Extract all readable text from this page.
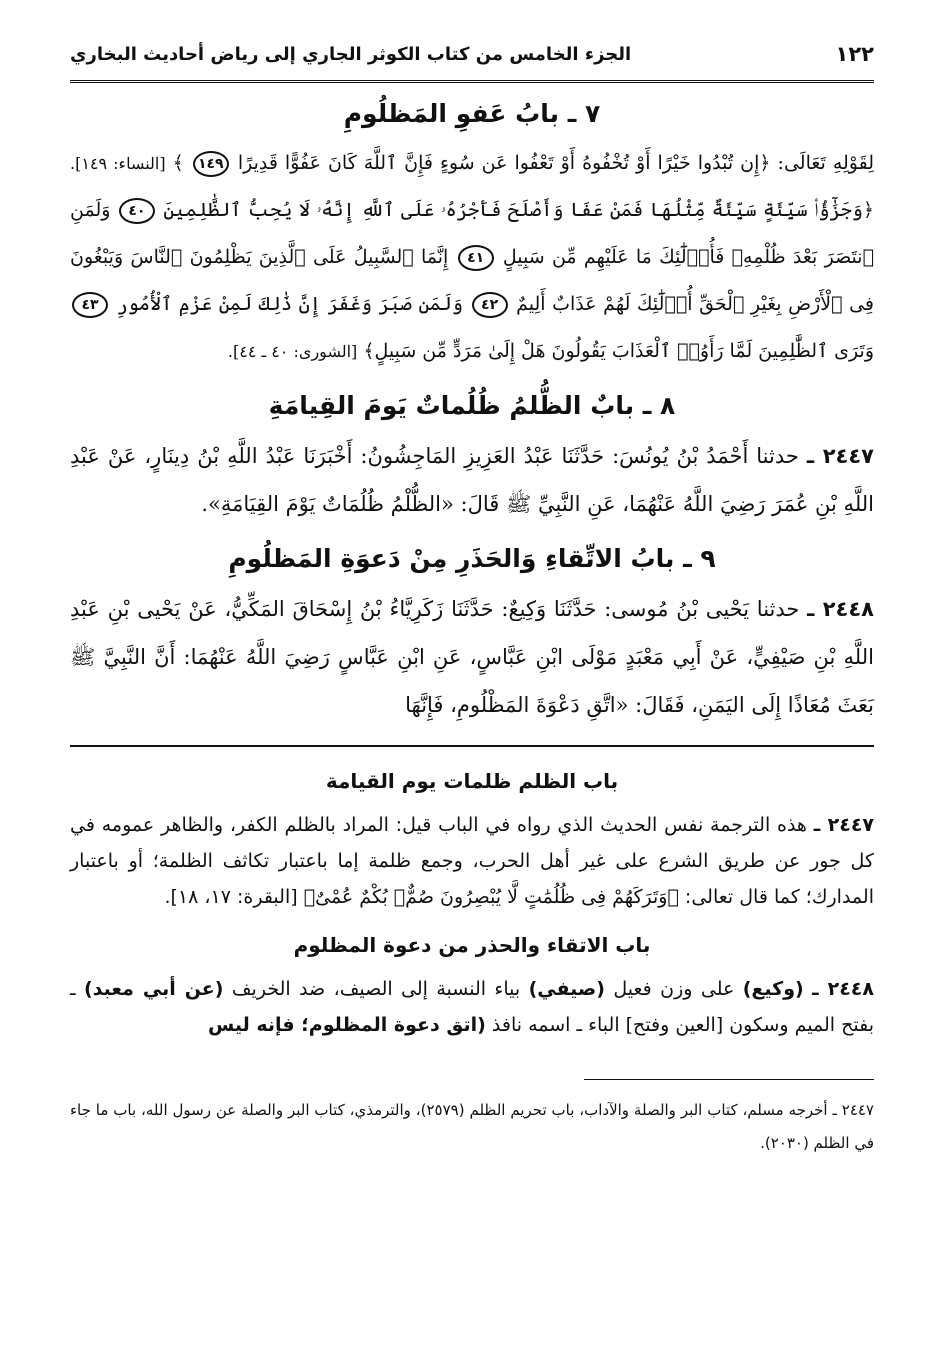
١٢٢
الجزء الخامس من كتاب الكوثر الجاري إلى رياض أحاديث البخاري
٧ ـ بابُ عَفوِ المَظلُومِ

لِقَوْلِهِ تَعَالَى: ﴿إِن تُبْدُوا خَيْرًا أَوْ تُخْفُوهُ أَوْ تَعْفُوا عَن سُوءٍ فَإِنَّ ٱللَّهَ كَانَ عَفُوًّا قَدِيرًا ١٤٩ ﴾ [النساء: ١٤٩]. ﴿وَجَزَٰٓؤُا۟ سَيِّئَةٍ سَيِّئَةٌ مِّثْلُهَا فَمَنْ عَفَا وَأَصْلَحَ فَأَجْرُهُۥ عَلَى ٱللَّهِ إِنَّهُۥ لَا يُحِبُّ ٱلظَّٰلِمِينَ ٤٠ وَلَمَنِ ٱنتَصَرَ بَعْدَ ظُلْمِهِۦ فَأُو۟لَٰٓئِكَ مَا عَلَيْهِم مِّن سَبِيلٍ ٤١ إِنَّمَا ٱلسَّبِيلُ عَلَى ٱلَّذِينَ يَظْلِمُونَ ٱلنَّاسَ وَيَبْغُونَ فِى ٱلْأَرْضِ بِغَيْرِ ٱلْحَقِّ أُو۟لَٰٓئِكَ لَهُمْ عَذَابٌ أَلِيمٌ ٤٢ وَلَمَن صَبَرَ وَغَفَرَ إِنَّ ذَٰلِكَ لَمِنْ عَزْمِ ٱلْأُمُورِ ٤٣ وَتَرَى ٱلظَّٰلِمِينَ لَمَّا رَأَوُا۟ ٱلْعَذَابَ يَقُولُونَ هَلْ إِلَىٰ مَرَدٍّ مِّن سَبِيلٍ﴾ [الشورى: ٤٠ ـ ٤٤].

٨ ـ بابٌ الظُّلمُ ظُلُماتٌ يَومَ القِيامَةِ

٢٤٤٧ ـ حدثنا أَحْمَدُ بْنُ يُونُسَ: حَدَّثَنَا عَبْدُ العَزِيزِ المَاجِشُونُ: أَخْبَرَنَا عَبْدُ اللَّهِ بْنُ دِينَارٍ، عَنْ عَبْدِ اللَّهِ بْنِ عُمَرَ رَضِيَ اللَّهُ عَنْهُمَا، عَنِ النَّبِيِّ ﷺ قَالَ: «الظُّلْمُ ظُلُمَاتٌ يَوْمَ القِيَامَةِ».

٩ ـ بابُ الاتِّقاءِ وَالحَذَرِ مِنْ دَعوَةِ المَظلُومِ

٢٤٤٨ ـ حدثنا يَحْيى بْنُ مُوسى: حَدَّثَنَا وَكِيعٌ: حَدَّثَنَا زَكَرِيَّاءُ بْنُ إِسْحَاقَ المَكِّيُّ، عَنْ يَحْيى بْنِ عَبْدِ اللَّهِ بْنِ صَيْفِيٍّ، عَنْ أَبِي مَعْبَدٍ مَوْلَى ابْنِ عَبَّاسٍ، عَنِ ابْنِ عَبَّاسٍ رَضِيَ اللَّهُ عَنْهُمَا: أَنَّ النَّبِيَّ ﷺ بَعَثَ مُعَاذًا إِلَى اليَمَنِ، فَقَالَ: «اتَّقِ دَعْوَةَ المَظْلُومِ، فَإِنَّهَا

باب الظلم ظلمات يوم القيامة

٢٤٤٧ ـ هذه الترجمة نفس الحديث الذي رواه في الباب قيل: المراد بالظلم الكفر، والظاهر عمومه في كل جور عن طريق الشرع على غير أهل الحرب، وجمع ظلمة إما باعتبار تكاثف الظلمة؛ أو باعتبار المدارك؛ كما قال تعالى: ﴿وَتَرَكَهُمْ فِى ظُلُمَٰتٍ لَّا يُبْصِرُونَ صُمٌّۢ بُكْمٌ عُمْىٌ﴾ [البقرة: ١٧، ١٨].

باب الاتقاء والحذر من دعوة المظلوم

٢٤٤٨ ـ (وكيع) على وزن فعيل (صيفي) بياء النسبة إلى الصيف، ضد الخريف (عن أبي معبد) ـ بفتح الميم وسكون [العين وفتح] الباء ـ اسمه نافذ (اتق دعوة المظلوم؛ فإنه ليس

٢٤٤٧ ـ أخرجه مسلم، كتاب البر والصلة والآداب، باب تحريم الظلم (٢٥٧٩)، والترمذي، كتاب البر والصلة عن رسول الله، باب ما جاء في الظلم (٢٠٣٠).
